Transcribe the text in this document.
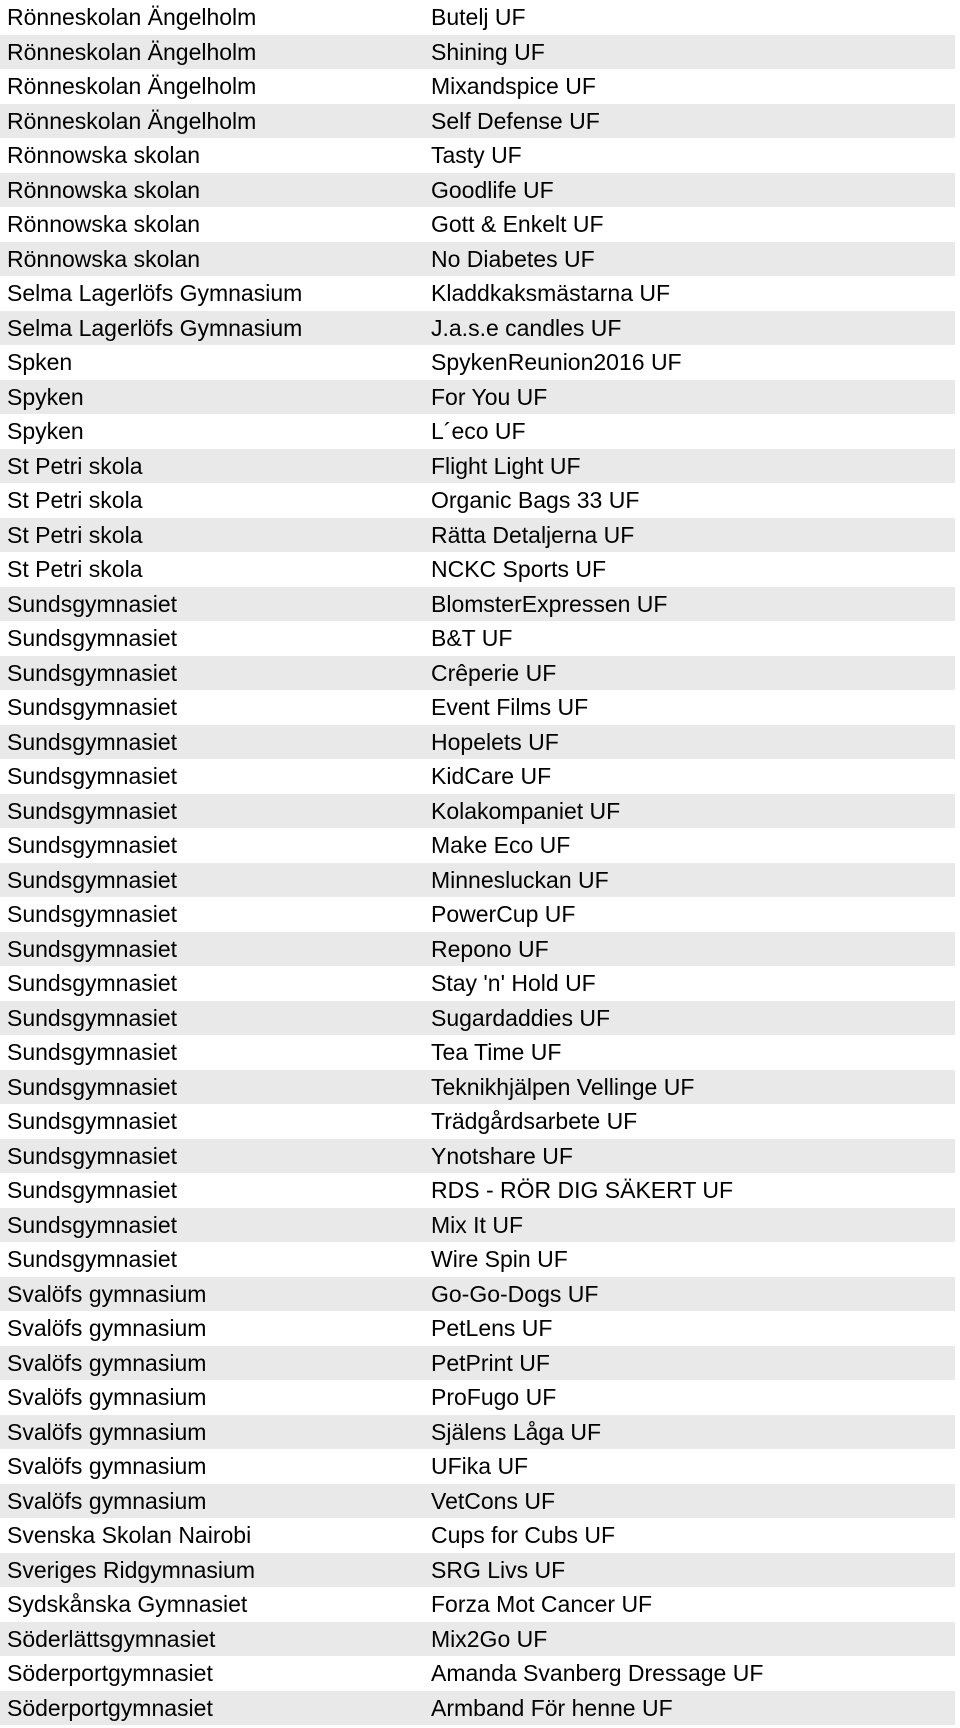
Rönneskolan Ängelholm	Butelj UF
Rönneskolan Ängelholm	Shining UF
Rönneskolan Ängelholm	Mixandspice UF
Rönneskolan Ängelholm	Self Defense UF
Rönnowska skolan	Tasty UF
Rönnowska skolan	Goodlife UF
Rönnowska skolan	Gott & Enkelt UF
Rönnowska skolan	No Diabetes UF
Selma Lagerlöfs Gymnasium	Kladdkaksmästarna UF
Selma Lagerlöfs Gymnasium	J.a.s.e candles UF
Spken	SpykenReunion2016 UF
Spyken	For You UF
Spyken	L´eco UF
St Petri skola	Flight Light UF
St Petri skola	Organic Bags 33 UF
St Petri skola	Rätta Detaljerna UF
St Petri skola	NCKC Sports UF
Sundsgymnasiet	BlomsterExpressen UF
Sundsgymnasiet	B&T UF
Sundsgymnasiet	Crêperie UF
Sundsgymnasiet	Event Films UF
Sundsgymnasiet	Hopelets UF
Sundsgymnasiet	KidCare UF
Sundsgymnasiet	Kolakompaniet UF
Sundsgymnasiet	Make Eco UF
Sundsgymnasiet	Minnesluckan UF
Sundsgymnasiet	PowerCup UF
Sundsgymnasiet	Repono UF
Sundsgymnasiet	Stay 'n' Hold UF
Sundsgymnasiet	Sugardaddies UF
Sundsgymnasiet	Tea Time UF
Sundsgymnasiet	Teknikhjälpen Vellinge UF
Sundsgymnasiet	Trädgårdsarbete UF
Sundsgymnasiet	Ynotshare UF
Sundsgymnasiet	RDS - RÖR DIG SÄKERT UF
Sundsgymnasiet	Mix It UF
Sundsgymnasiet	Wire Spin UF
Svalöfs gymnasium	Go-Go-Dogs UF
Svalöfs gymnasium	PetLens UF
Svalöfs gymnasium	PetPrint UF
Svalöfs gymnasium	ProFugo UF
Svalöfs gymnasium	Själens Låga UF
Svalöfs gymnasium	UFika UF
Svalöfs gymnasium	VetCons UF
Svenska Skolan Nairobi	Cups for Cubs UF
Sveriges Ridgymnasium	SRG Livs UF
Sydskånska Gymnasiet	Forza Mot Cancer UF
Söderlättsgymnasiet	Mix2Go UF
Söderportgymnasiet	Amanda Svanberg Dressage UF
Söderportgymnasiet	Armband För henne UF
